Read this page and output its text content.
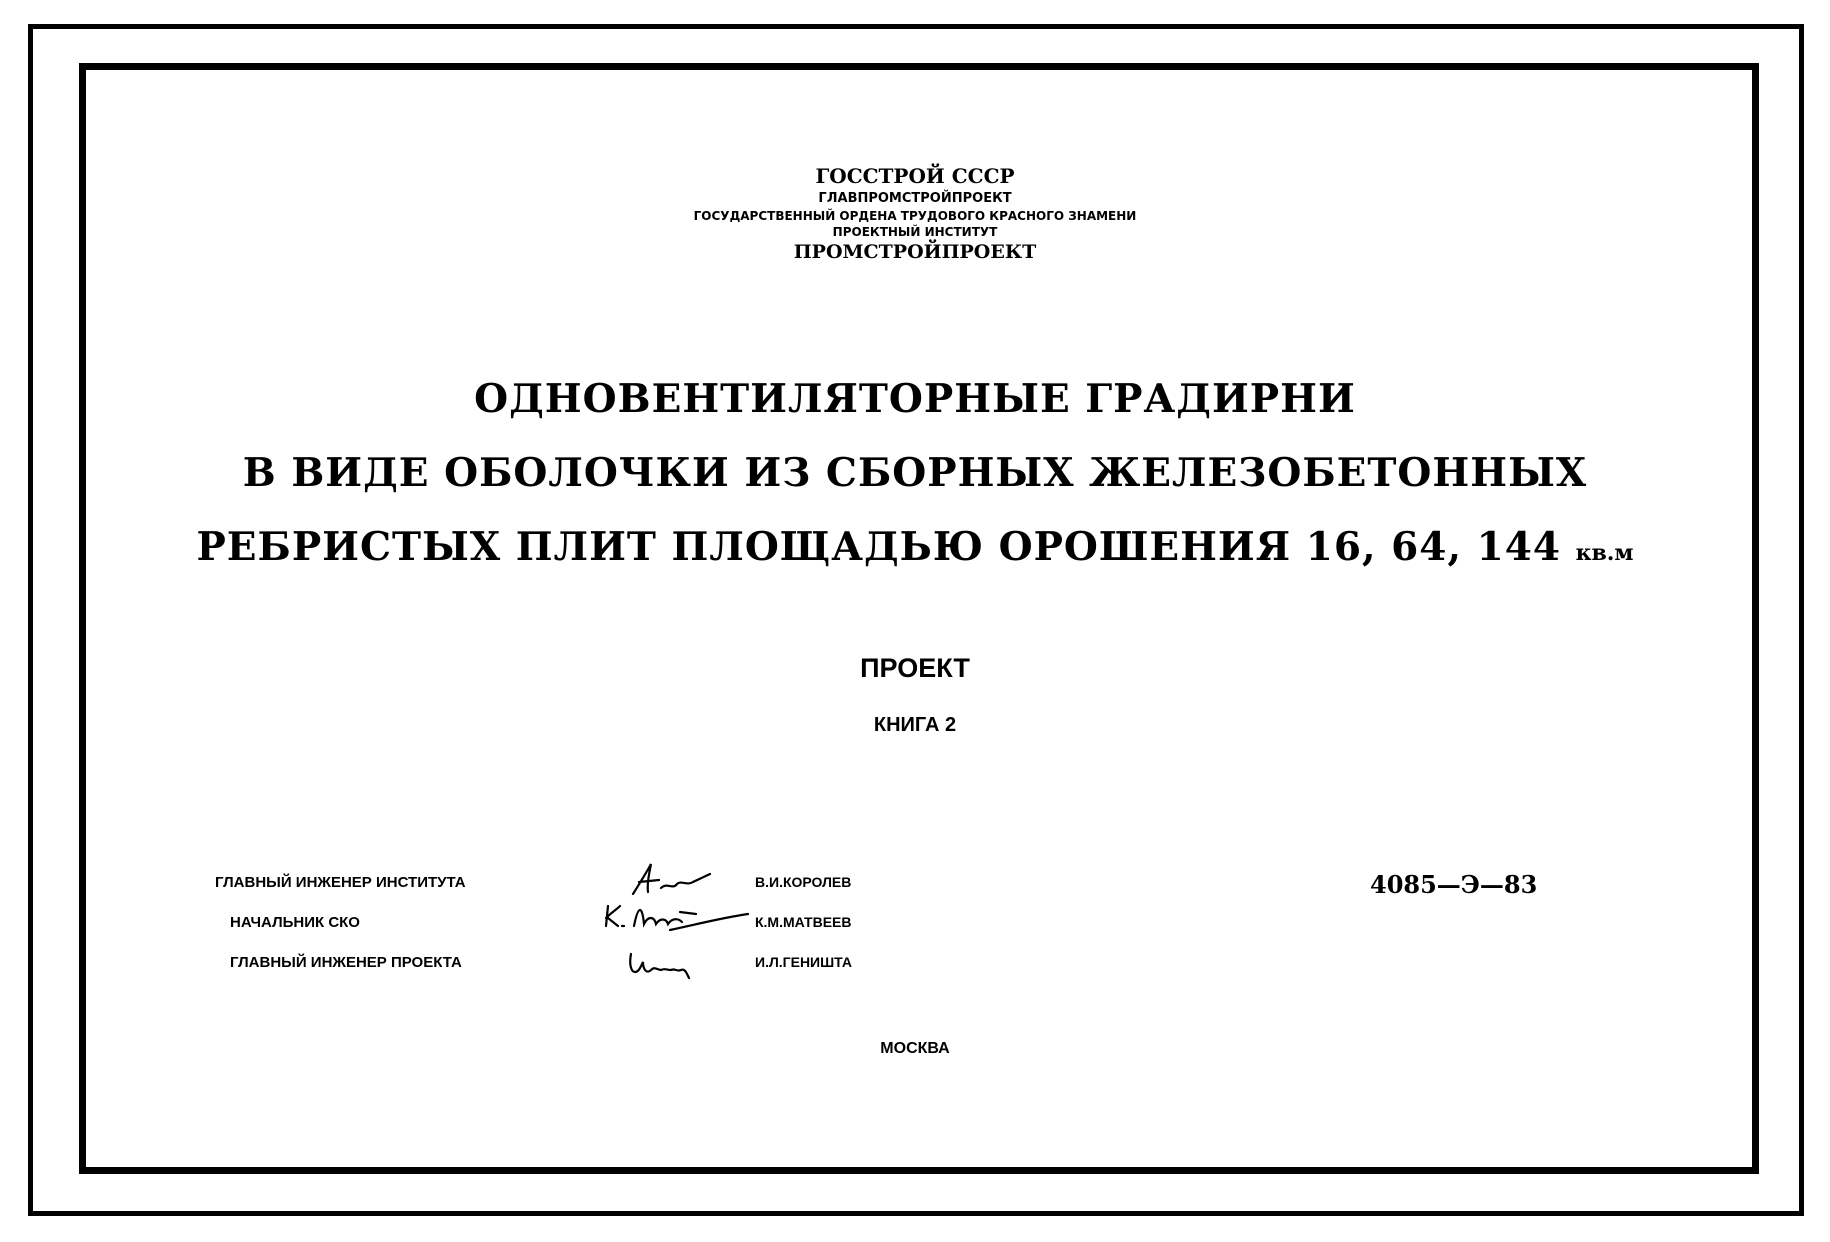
ГОССТРОЙ СССР
ГЛАВПРОМСТРОЙПРОЕКТ
ГОСУДАРСТВЕННЫЙ ОРДЕНА ТРУДОВОГО КРАСНОГО ЗНАМЕНИ
ПРОЕКТНЫЙ ИНСТИТУТ
ПРОМСТРОЙПРОЕКТ
ОДНОВЕНТИЛЯТОРНЫЕ ГРАДИРНИ
В ВИДЕ ОБОЛОЧКИ ИЗ СБОРНЫХ ЖЕЛЕЗОБЕТОННЫХ
РЕБРИСТЫХ ПЛИТ ПЛОЩАДЬЮ ОРОШЕНИЯ 16, 64, 144 кв.м
ПРОЕКТ
КНИГА 2
ГЛАВНЫЙ ИНЖЕНЕР ИНСТИТУТА	В.И.КОРОЛЕВ
НАЧАЛЬНИК СКО	К.М.МАТВЕЕВ
ГЛАВНЫЙ ИНЖЕНЕР ПРОЕКТА	И.Л.ГЕНИШТА
4085—Э—83
МОСКВА
